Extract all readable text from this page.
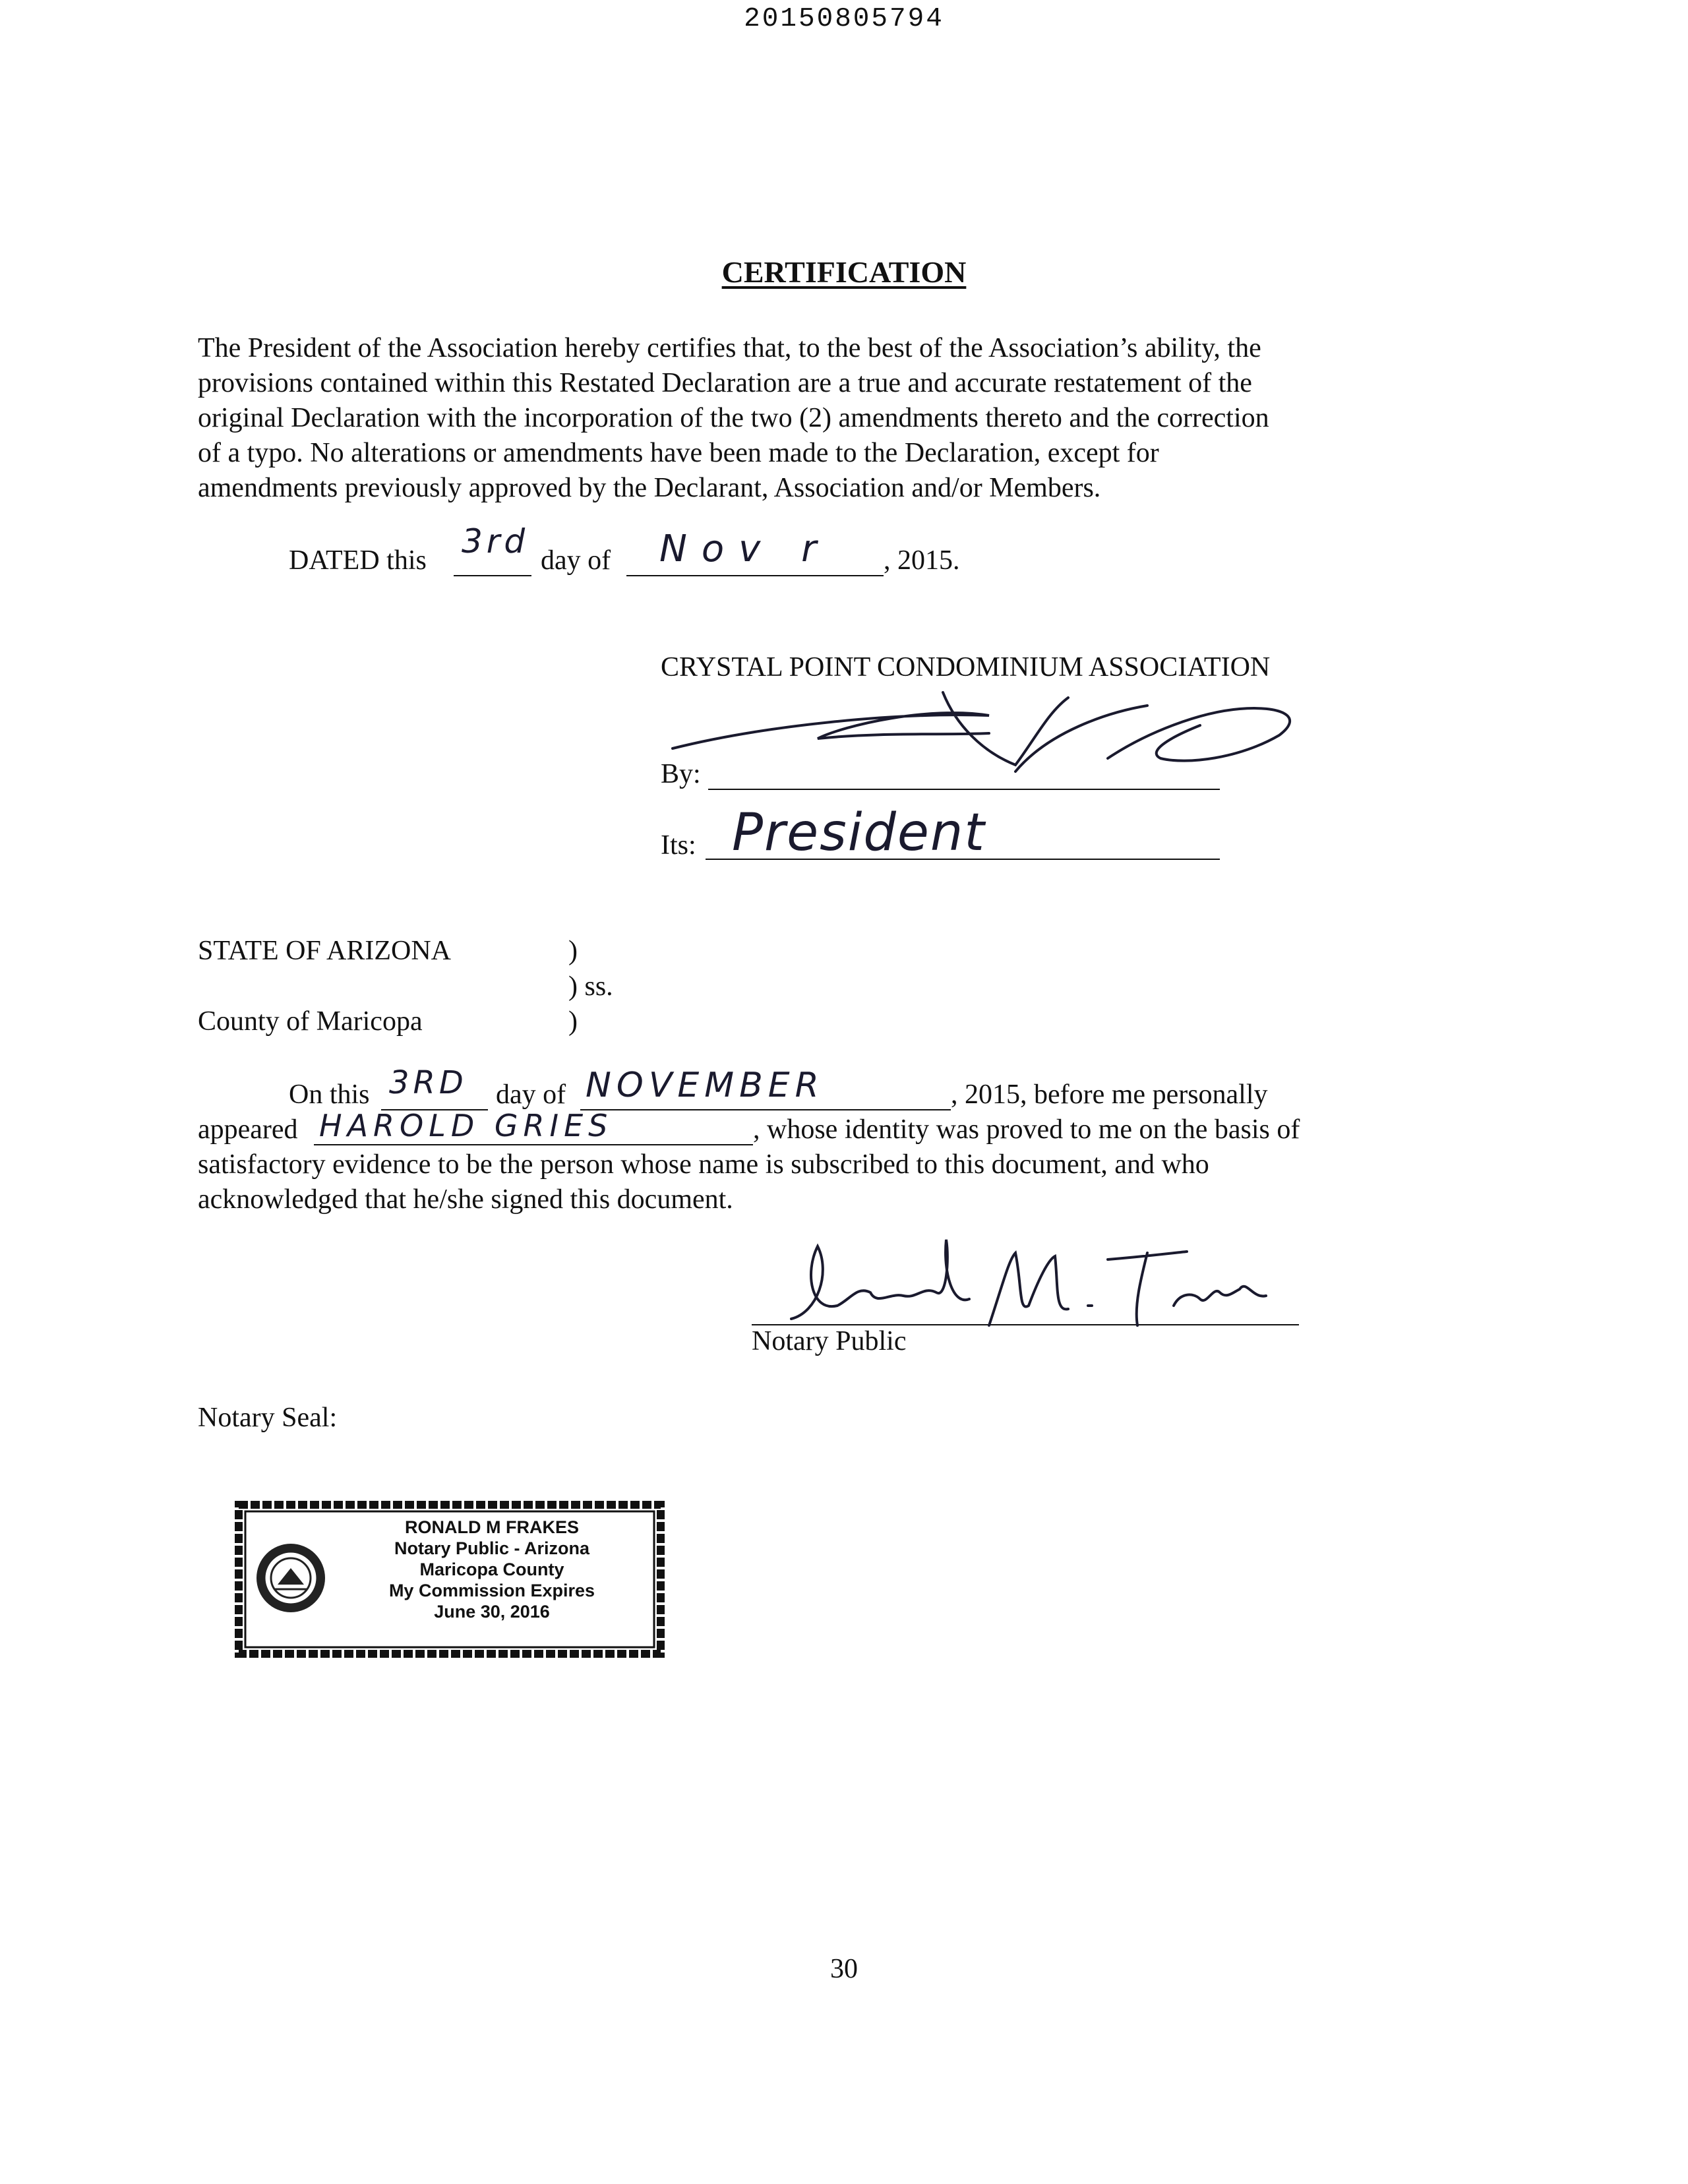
20150805794
CERTIFICATION
The President of the Association hereby certifies that, to the best of the Association’s ability, the
provisions contained within this Restated Declaration are a true and accurate restatement of the
original Declaration with the incorporation of the two (2) amendments thereto and the correction
of a typo. No alterations or amendments have been made to the Declaration, except for
amendments previously approved by the Declarant, Association and/or Members.
DATED this 3rd day of Nov r , 2015.
CRYSTAL POINT CONDOMINIUM ASSOCIATION
By:
Its: President
STATE OF ARIZONA	)
) ss.
County of Maricopa	)
On this 3RD day of NOVEMBER	, 2015, before me personally
appeared HAROLD GRIES	, whose identity was proved to me on the basis of
satisfactory evidence to be the person whose name is subscribed to this document, and who
acknowledged that he/she signed this document.
Notary Public
Notary Seal:
RONALD M FRAKES
Notary Public - Arizona
Maricopa County
My Commission Expires
June 30, 2016
30
